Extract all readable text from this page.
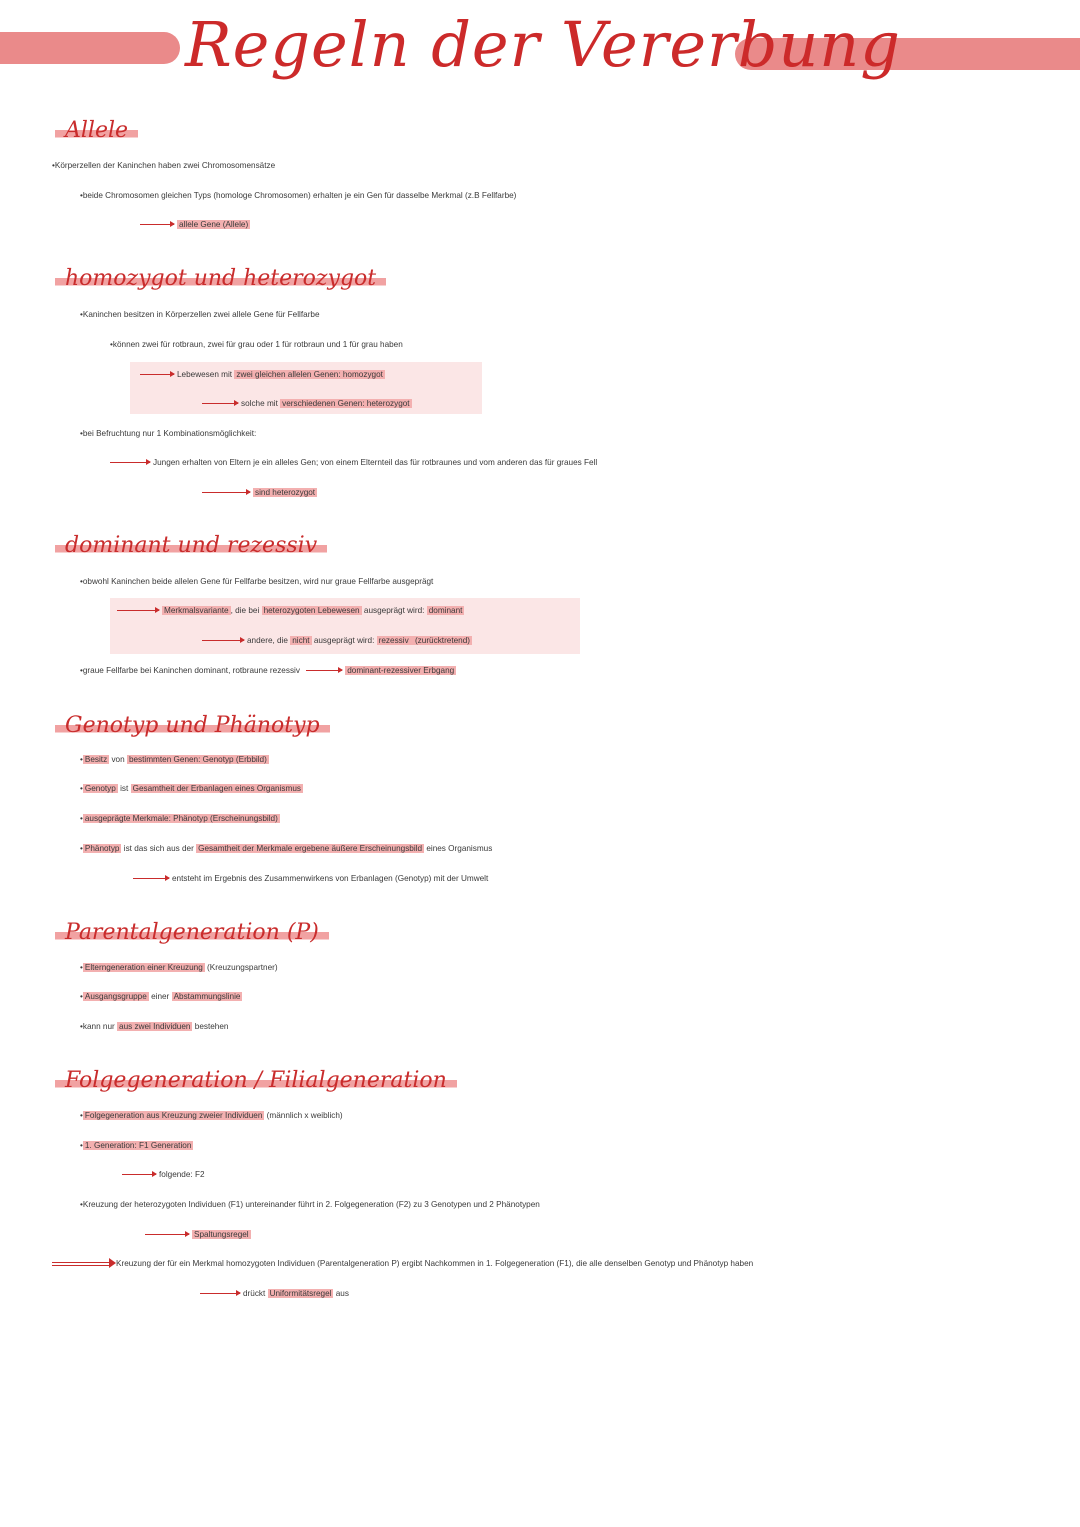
Regeln der Vererbung
Allele
•Körperzellen der Kaninchen haben zwei Chromosomensätze
•beide Chromosomen gleichen Typs (homologe Chromosomen) erhalten je ein Gen für dasselbe Merkmal (z.B Fellfarbe)
allele Gene (Allele)
homozygot und heterozygot
•Kaninchen besitzen in Körperzellen zwei allele Gene für Fellfarbe
•können zwei für rotbraun, zwei für grau oder 1 für rotbraun und 1 für grau haben
Lebewesen mit zwei gleichen allelen Genen: homozygot
solche mit verschiedenen Genen: heterozygot
•bei Befruchtung nur 1 Kombinationsmöglichkeit:
Jungen erhalten von Eltern je ein alleles Gen; von einem Elternteil das für rotbraunes und vom anderen das für graues Fell
sind heterozygot
dominant und rezessiv
•obwohl Kaninchen beide allelen Gene für Fellfarbe besitzen, wird nur graue Fellfarbe ausgeprägt
Merkmalsvariante , die bei heterozygoten Lebewesen ausgeprägt wird: dominant
andere, die nicht ausgeprägt wird: rezessiv (zurücktretend)
•graue Fellfarbe bei Kaninchen dominant, rotbraune rezessiv	dominant-rezessiver Erbgang
Genotyp und Phänotyp
• Besitz von bestimmten Genen: Genotyp (Erbbild)
• Genotyp ist Gesamtheit der Erbanlagen eines Organismus
• ausgeprägte Merkmale: Phänotyp (Erscheinungsbild)
• Phänotyp ist das sich aus der Gesamtheit der Merkmale ergebene äußere Erscheinungsbild eines Organismus
entsteht im Ergebnis des Zusammenwirkens von Erbanlagen (Genotyp) mit der Umwelt
Parentalgeneration (P)
• Elterngeneration einer Kreuzung (Kreuzungspartner)
• Ausgangsgruppe einer Abstammungslinie
•kann nur aus zwei Individuen bestehen
Folgegeneration / Filialgeneration
• Folgegeneration aus Kreuzung zweier Individuen (männlich x weiblich)
• 1. Generation: F1 Generation
folgende: F2
•Kreuzung der heterozygoten Individuen (F1) untereinander führt in 2. Folgegeneration (F2) zu 3 Genotypen und 2 Phänotypen
Spaltungsregel
Kreuzung der für ein Merkmal homozygoten Individuen (Parentalgeneration P) ergibt Nachkommen in 1. Folgegeneration (F1), die alle denselben Genotyp und Phänotyp haben
drückt Uniformitätsregel aus
